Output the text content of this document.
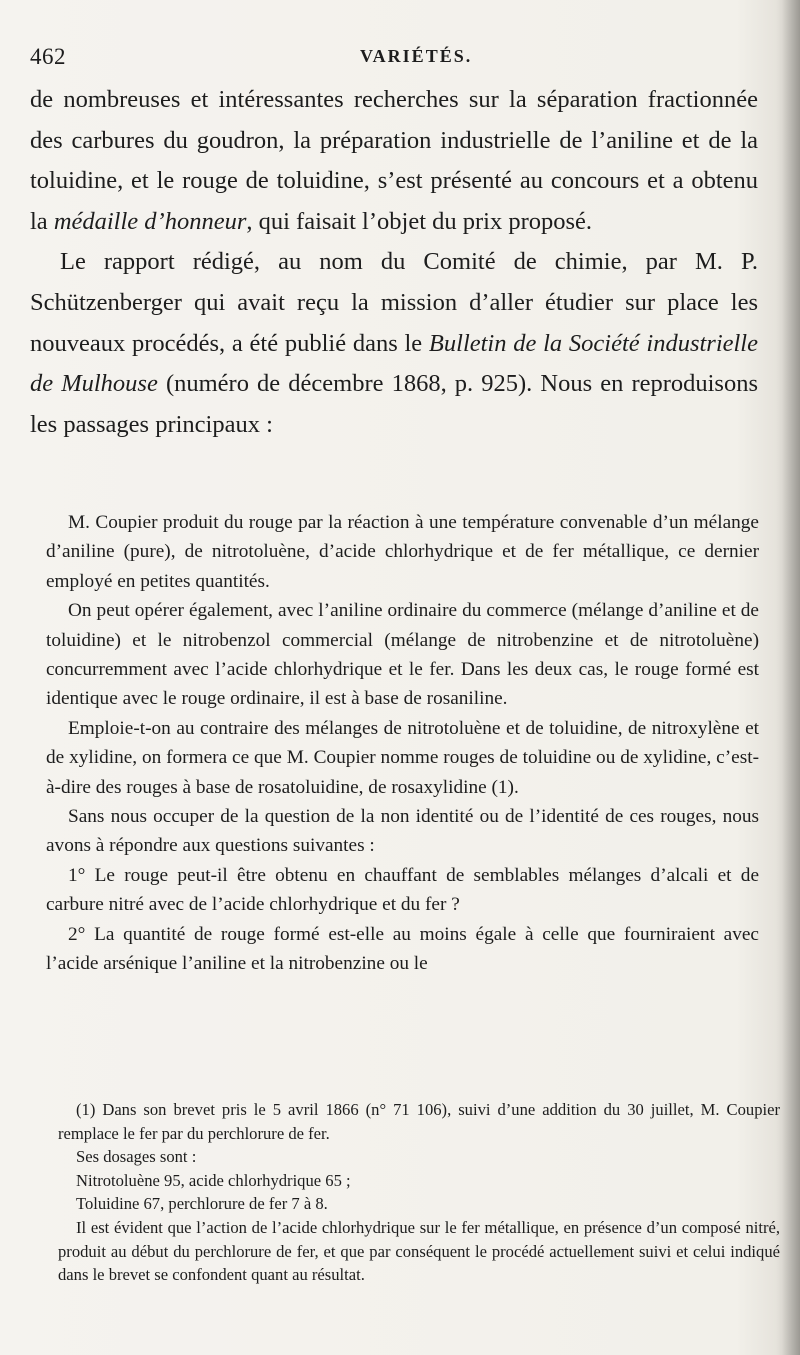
462	VARIÉTÉS.

de nombreuses et intéressantes recherches sur la séparation fractionnée des carbures du goudron, la préparation industrielle de l’aniline et de la toluidine, et le rouge de toluidine, s’est présenté au concours et a obtenu la médaille d’honneur, qui faisait l’objet du prix proposé.

Le rapport rédigé, au nom du Comité de chimie, par M. P. Schützenberger qui avait reçu la mission d’aller étudier sur place les nouveaux procédés, a été publié dans le Bulletin de la Société industrielle de Mulhouse (numéro de décembre 1868, p. 925). Nous en reproduisons les passages principaux :

M. Coupier produit du rouge par la réaction à une température convenable d’un mélange d’aniline (pure), de nitrotoluène, d’acide chlorhydrique et de fer métallique, ce dernier employé en petites quantités.

On peut opérer également, avec l’aniline ordinaire du commerce (mélange d’aniline et de toluidine) et le nitrobenzol commercial (mélange de nitrobenzine et de nitrotoluène) concurremment avec l’acide chlorhydrique et le fer. Dans les deux cas, le rouge formé est identique avec le rouge ordinaire, il est à base de rosaniline.

Emploie-t-on au contraire des mélanges de nitrotoluène et de toluidine, de nitroxylène et de xylidine, on formera ce que M. Coupier nomme rouges de toluidine ou de xylidine, c’est-à-dire des rouges à base de rosatoluidine, de rosaxylidine (1).

Sans nous occuper de la question de la non identité ou de l’identité de ces rouges, nous avons à répondre aux questions suivantes :

1° Le rouge peut-il être obtenu en chauffant de semblables mélanges d’alcali et de carbure nitré avec de l’acide chlorhydrique et du fer ?

2° La quantité de rouge formé est-elle au moins égale à celle que fourniraient avec l’acide arsénique l’aniline et la nitrobenzine ou le

(1) Dans son brevet pris le 5 avril 1866 (n° 71 106), suivi d’une addition du 30 juillet, M. Coupier remplace le fer par du perchlorure de fer.

Ses dosages sont :

Nitrotoluène 95, acide chlorhydrique 65 ;

Toluidine 67, perchlorure de fer 7 à 8.

Il est évident que l’action de l’acide chlorhydrique sur le fer métallique, en présence d’un composé nitré, produit au début du perchlorure de fer, et que par conséquent le procédé actuellement suivi et celui indiqué dans le brevet se confondent quant au résultat.
